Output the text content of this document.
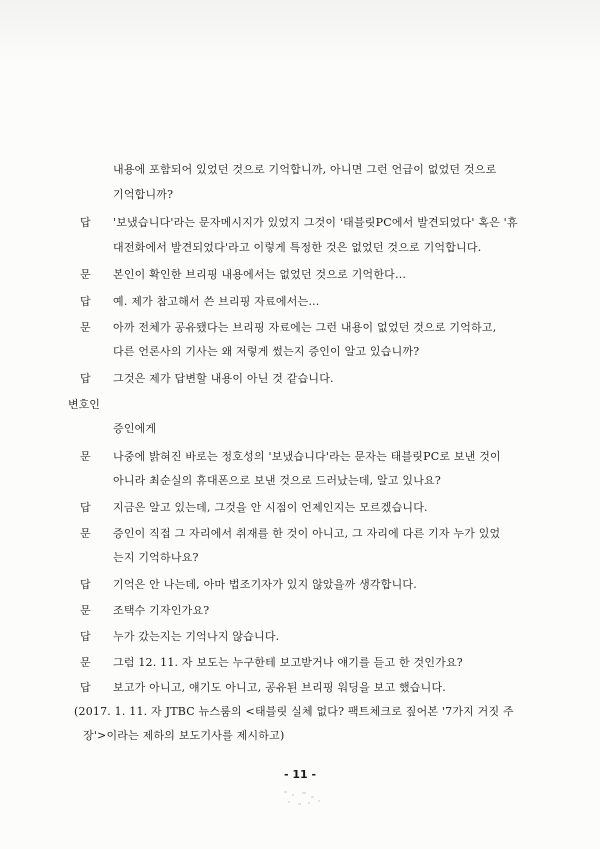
내용에 포함되어 있었던 것으로 기억합니까, 아니면 그런 언급이 없었던 것으로
기억합니까?
답 '보냈습니다'라는 문자메시지가 있었지 그것이 '태블릿PC에서 발견되었다' 혹은 '휴
대전화에서 발견되었다'라고 이렇게 특정한 것은 없었던 것으로 기억합니다.
문 본인이 확인한 브리핑 내용에서는 없었던 것으로 기억한다…
답 예. 제가 참고해서 쓴 브리핑 자료에서는…
문 아까 전체가 공유됐다는 브리핑 자료에는 그런 내용이 없었던 것으로 기억하고,
다른 언론사의 기사는 왜 저렇게 썼는지 증인이 알고 있습니까?
답 그것은 제가 답변할 내용이 아닌 것 같습니다.
변호인
증인에게
문 나중에 밝혀진 바로는 정호성의 '보냈습니다'라는 문자는 태블릿PC로 보낸 것이
아니라 최순실의 휴대폰으로 보낸 것으로 드러났는데, 알고 있나요?
답 지금은 알고 있는데, 그것을 안 시점이 언제인지는 모르겠습니다.
문 증인이 직접 그 자리에서 취재를 한 것이 아니고, 그 자리에 다른 기자 누가 있었
는지 기억하나요?
답 기억은 안 나는데, 아마 법조기자가 있지 않았을까 생각합니다.
문 조택수 기자인가요?
답 누가 갔는지는 기억나지 않습니다.
문 그럼 12. 11. 자 보도는 누구한테 보고받거나 얘기를 듣고 한 것인가요?
답 보고가 아니고, 얘기도 아니고, 공유된 브리핑 워딩을 보고 했습니다.
(2017. 1. 11. 자 JTBC 뉴스룸의 <태블릿 실체 없다? 팩트체크로 짚어본 '7가지 거짓 주
장'>이라는 제하의 보도기사를 제시하고)
- 11 -
